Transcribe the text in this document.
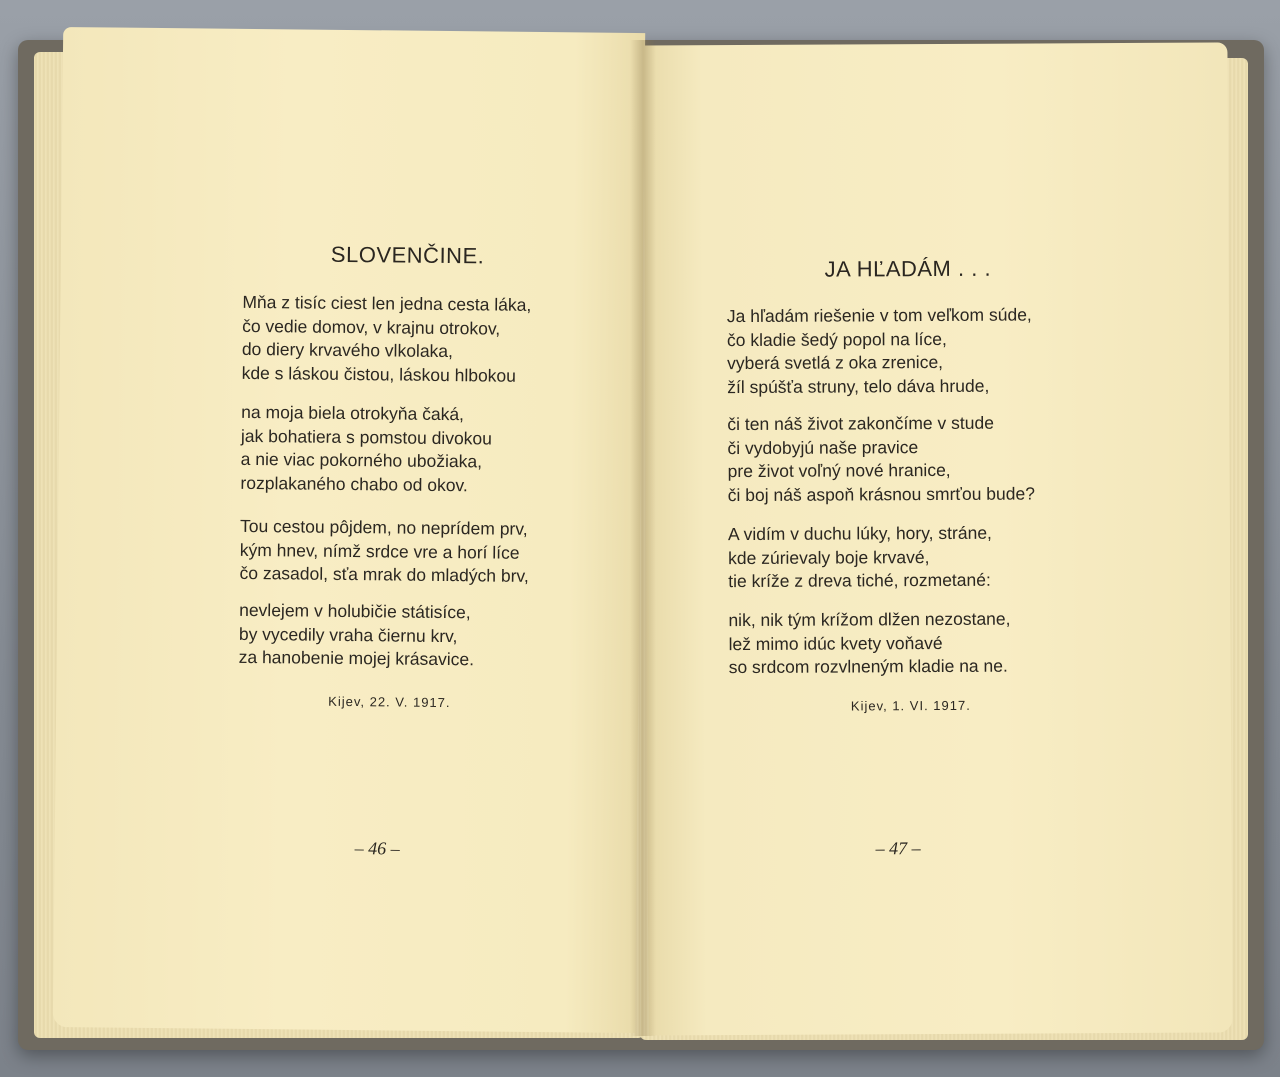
SLOVENČINE.
Mňa z tisíc ciest len jedna cesta láka,
čo vedie domov, v krajnu otrokov,
do diery krvavého vlkolaka,
kde s láskou čistou, láskou hlbokou
na moja biela otrokyňa čaká,
jak bohatiera s pomstou divokou
a nie viac pokorného ubožiaka,
rozplakaného chabo od okov.
Tou cestou pôjdem, no neprídem prv,
kým hnev, nímž srdce vre a horí líce
čo zasadol, sťa mrak do mladých brv,
nevlejem v holubičie státisíce,
by vycedily vraha čiernu krv,
za hanobenie mojej krásavice.
Kijev, 22. V. 1917.
– 46 –
JA HĽADÁM . . .
Ja hľadám riešenie v tom veľkom súde,
čo kladie šedý popol na líce,
vyberá svetlá z oka zrenice,
žíl spúšťa struny, telo dáva hrude,
či ten náš život zakončíme v stude
či vydobyjú naše pravice
pre život voľný nové hranice,
či boj náš aspoň krásnou smrťou bude?
A vidím v duchu lúky, hory, stráne,
kde zúrievaly boje krvavé,
tie kríže z dreva tiché, rozmetané:
nik, nik tým krížom dlžen nezostane,
lež mimo idúc kvety voňavé
so srdcom rozvlneným kladie na ne.
Kijev, 1. VI. 1917.
– 47 –
